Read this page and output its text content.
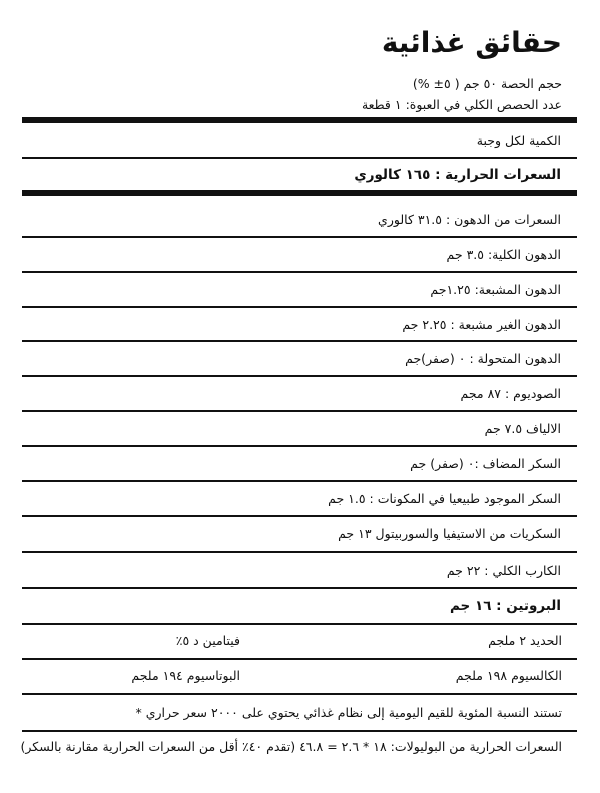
حقائق غذائية
حجم الحصة ٥٠ جم ( ٥± %)
عدد الحصص الكلي في العبوة: ١ قطعة
الكمية لكل وجبة
السعرات الحرارية : ١٦٥ كالوري
السعرات من الدهون : ٣١.٥ كالوري
الدهون الكلية: ٣.٥ جم
الدهون المشبعة: ١.٢٥جم
الدهون الغير مشبعة : ٢.٢٥ جم
الدهون المتحولة : ٠ (صفر)جم
الصوديوم : ٨٧ مجم
الالياف ٧.٥ جم
السكر المضاف :٠ (صفر) جم
السكر الموجود طبيعيا في المكونات : ١.٥ جم
السكريات من الاستيفيا والسوربيتول ١٣ جم
الكارب الكلي : ٢٢ جم
البروتين : ١٦ جم
الحديد ٢ ملجم
فيتامين د ٥٪
الكالسيوم ١٩٨ ملجم
البوتاسيوم ١٩٤ ملجم
تستند النسبة المئوية للقيم اليومية إلى نظام غذائي يحتوي على ٢٠٠٠ سعر حراري *
السعرات الحرارية من البوليولات: ١٨ * ٢.٦ = ٤٦.٨ (تقدم ٤٠٪ أقل من السعرات الحرارية مقارنة بالسكر)
